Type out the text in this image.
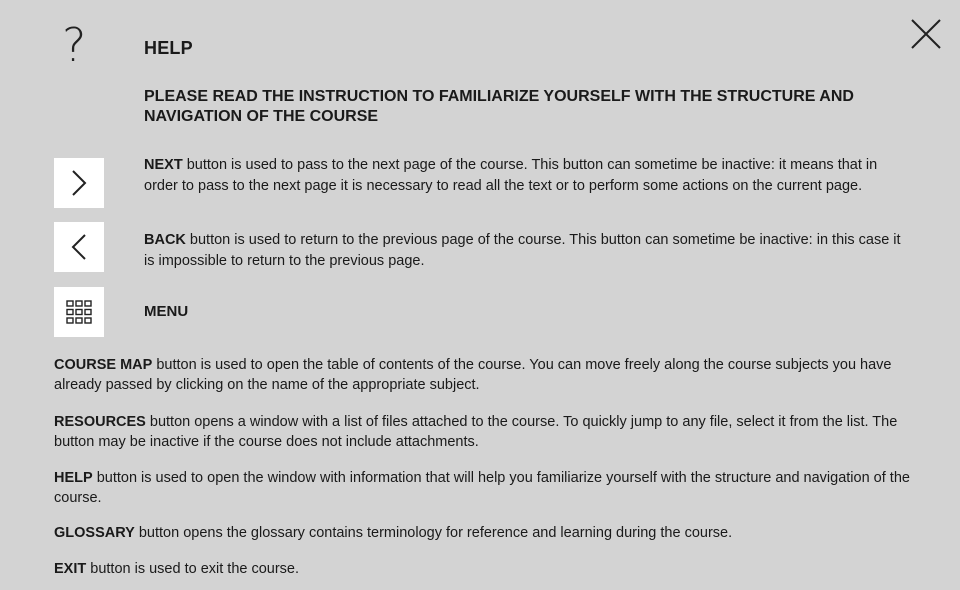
?	HELP
PLEASE READ THE INSTRUCTION TO FAMILIARIZE YOURSELF WITH THE STRUCTURE AND NAVIGATION OF THE COURSE
NEXT button is used to pass to the next page of the course. This button can sometime be inactive: it means that in order to pass to the next page it is necessary to read all the text or to perform some actions on the current page.
BACK button is used to return to the previous page of the course. This button can sometime be inactive: in this case it is impossible to return to the previous page.
MENU
COURSE MAP button is used to open the table of contents of the course. You can move freely along the course subjects you have already passed by clicking on the name of the appropriate subject.
RESOURCES button opens a window with a list of files attached to the course. To quickly jump to any file, select it from the list. The button may be inactive if the course does not include attachments.
HELP button is used to open the window with information that will help you familiarize yourself with the structure and navigation of the course.
GLOSSARY button opens the glossary contains terminology for reference and learning during the course.
EXIT button is used to exit the course.
